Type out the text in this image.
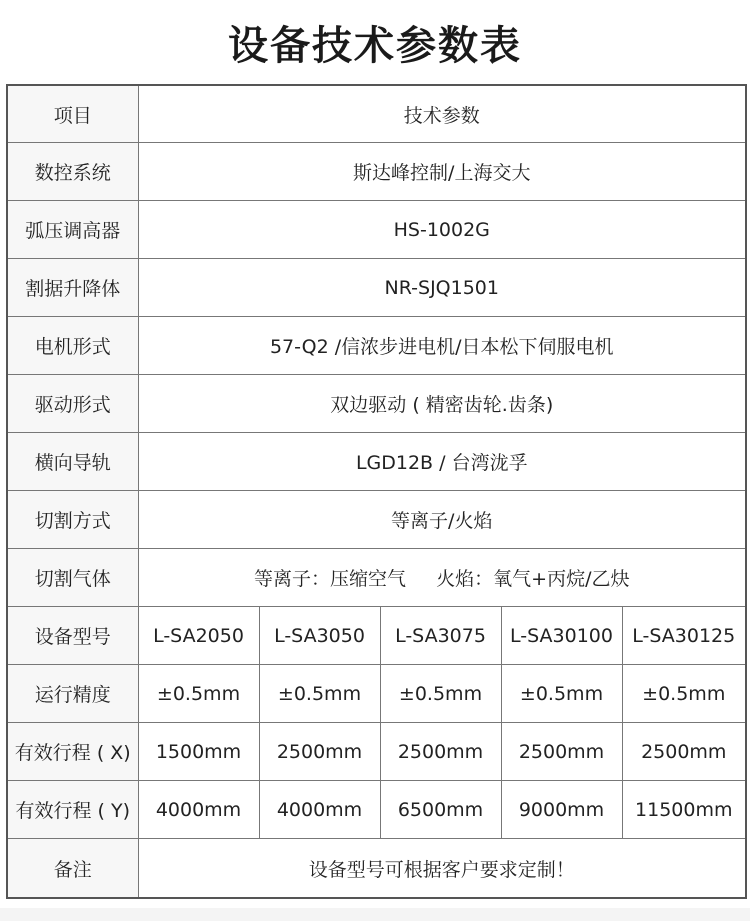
设备技术参数表
项目	技术参数				
数控系统	斯达峰控制/上海交大				
弧压调高器	HS-1002G				
割据升降体	NR-SJQ1501				
电机形式	57-Q2 /信浓步进电机/日本松下伺服电机				
驱动形式	双边驱动 ( 精密齿轮.齿条)				
横向导轨	LGD12B / 台湾泷孚				
切割方式	等离子/火焰				
切割气体	等离子：压缩空气     火焰：氧气+丙烷/乙炔				
设备型号	L-SA2050	L-SA3050	L-SA3075	L-SA30100	L-SA30125
运行精度	±0.5mm	±0.5mm	±0.5mm	±0.5mm	±0.5mm
有效行程 ( X)	1500mm	2500mm	2500mm	2500mm	2500mm
有效行程 ( Y)	4000mm	4000mm	6500mm	9000mm	11500mm
备注	设备型号可根据客户要求定制！				
